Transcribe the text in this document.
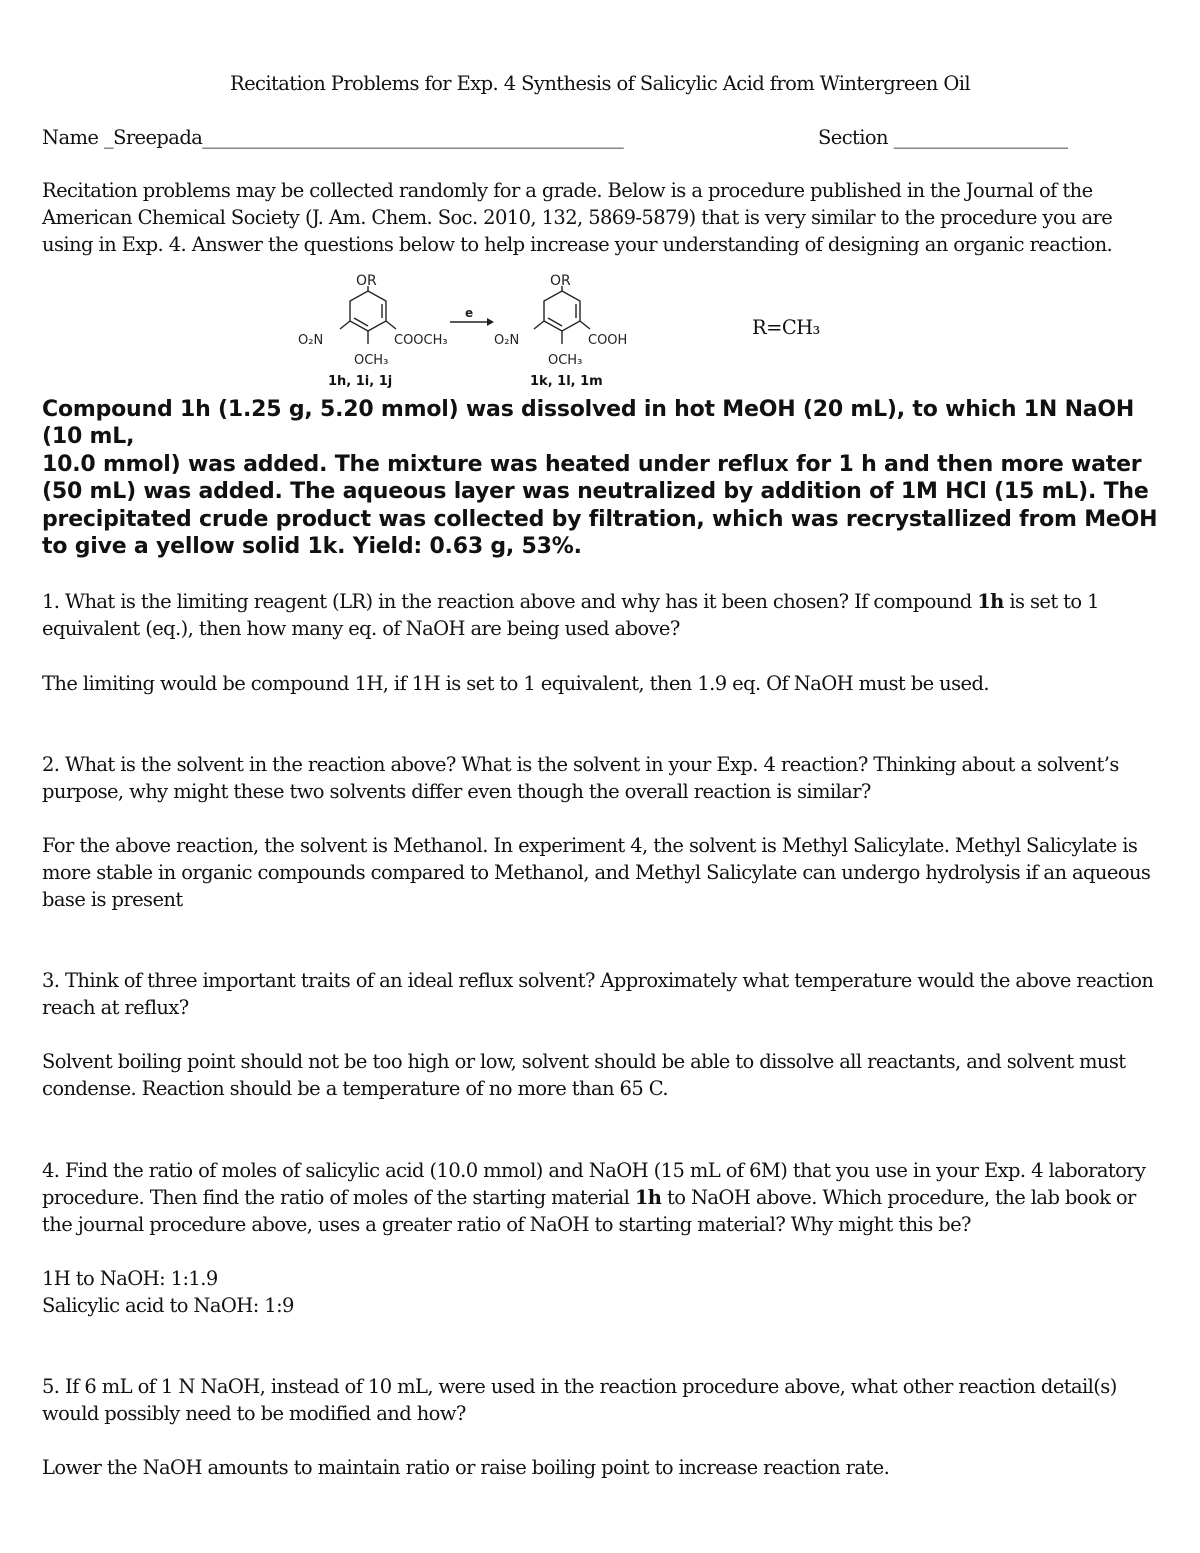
Recitation Problems for Exp. 4 Synthesis of Salicylic Acid from Wintergreen Oil
Name _Sreepada______________________________________________	Section ___________________
Recitation problems may be collected randomly for a grade. Below is a procedure published in the Journal of the American Chemical Society (J. Am. Chem. Soc. 2010, 132, 5869-5879) that is very similar to the procedure you are using in Exp. 4. Answer the questions below to help increase your understanding of designing an organic reaction.
OR
O₂N	COOCH₃
OCH₃
1h, 1i, 1j
e
OR
O₂N	COOH
OCH₃
1k, 1l, 1m
R=CH₃
Compound 1h (1.25 g, 5.20 mmol) was dissolved in hot MeOH (20 mL), to which 1N NaOH (10 mL,
10.0 mmol) was added. The mixture was heated under reflux for 1 h and then more water (50 mL) was added. The aqueous layer was neutralized by addition of 1M HCl (15 mL). The precipitated crude product was collected by filtration, which was recrystallized from MeOH to give a yellow solid 1k. Yield: 0.63 g, 53%.
1. What is the limiting reagent (LR) in the reaction above and why has it been chosen? If compound 1h is set to 1 equivalent (eq.), then how many eq. of NaOH are being used above?
The limiting would be compound 1H, if 1H is set to 1 equivalent, then 1.9 eq. Of NaOH must be used.
2. What is the solvent in the reaction above? What is the solvent in your Exp. 4 reaction? Thinking about a solvent’s purpose, why might these two solvents differ even though the overall reaction is similar?
For the above reaction, the solvent is Methanol. In experiment 4, the solvent is Methyl Salicylate. Methyl Salicylate is more stable in organic compounds compared to Methanol, and Methyl Salicylate can undergo hydrolysis if an aqueous base is present
3. Think of three important traits of an ideal reflux solvent? Approximately what temperature would the above reaction reach at reflux?
Solvent boiling point should not be too high or low, solvent should be able to dissolve all reactants, and solvent must condense. Reaction should be a temperature of no more than 65 C.
4. Find the ratio of moles of salicylic acid (10.0 mmol) and NaOH (15 mL of 6M) that you use in your Exp. 4 laboratory procedure. Then find the ratio of moles of the starting material 1h to NaOH above. Which procedure, the lab book or the journal procedure above, uses a greater ratio of NaOH to starting material? Why might this be?
1H to NaOH: 1:1.9
Salicylic acid to NaOH: 1:9
5. If 6 mL of 1 N NaOH, instead of 10 mL, were used in the reaction procedure above, what other reaction detail(s) would possibly need to be modified and how?
Lower the NaOH amounts to maintain ratio or raise boiling point to increase reaction rate.
